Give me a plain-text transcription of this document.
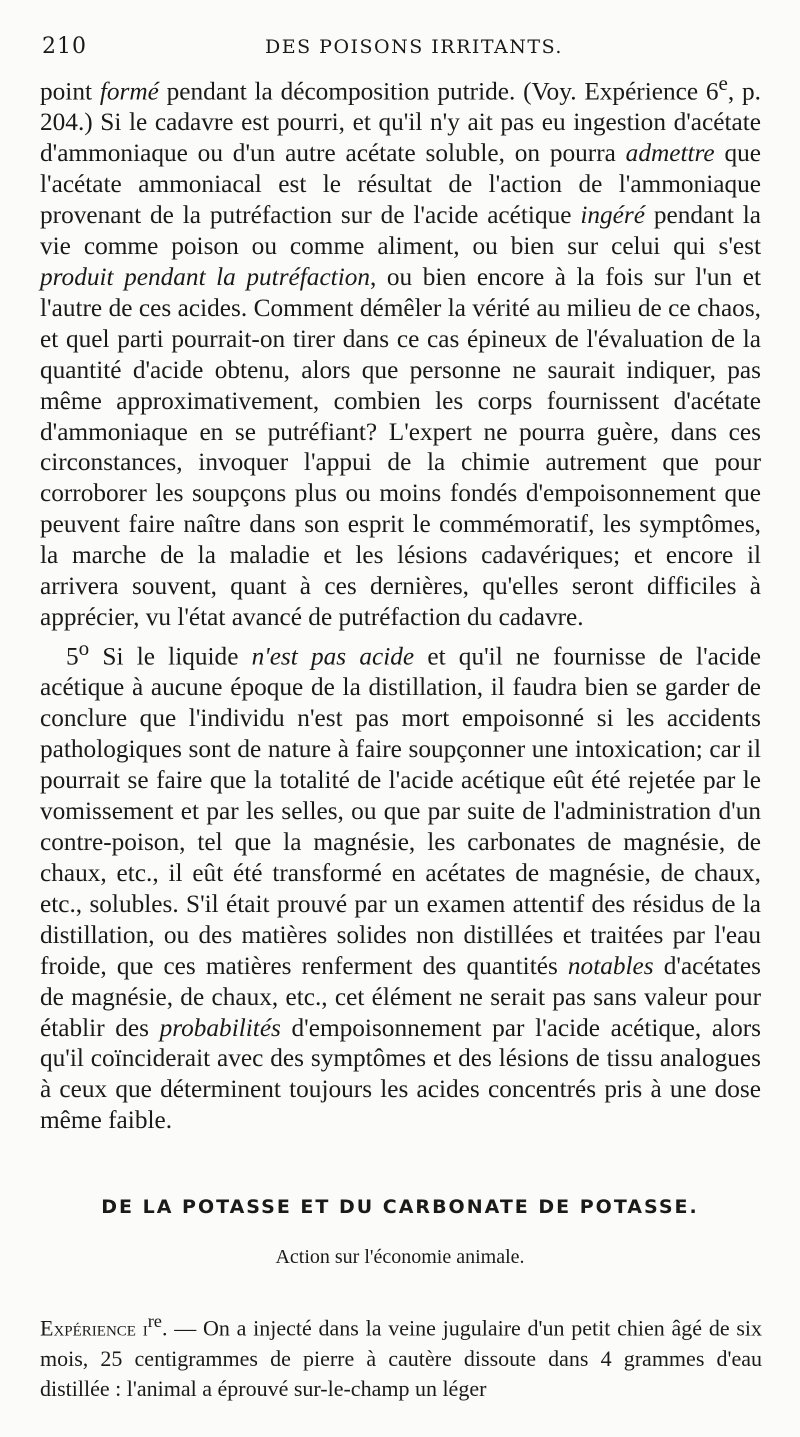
210	DES POISONS IRRITANTS.

point formé pendant la décomposition putride. (Voy. Expérience 6e, p. 204.) Si le cadavre est pourri, et qu'il n'y ait pas eu ingestion d'acétate d'ammoniaque ou d'un autre acétate soluble, on pourra admettre que l'acétate ammoniacal est le résultat de l'action de l'ammoniaque provenant de la putréfaction sur de l'acide acétique ingéré pendant la vie comme poison ou comme aliment, ou bien sur celui qui s'est produit pendant la putréfaction, ou bien encore à la fois sur l'un et l'autre de ces acides. Comment démêler la vérité au milieu de ce chaos, et quel parti pourrait-on tirer dans ce cas épineux de l'évaluation de la quantité d'acide obtenu, alors que personne ne saurait indiquer, pas même approximativement, combien les corps fournissent d'acétate d'ammoniaque en se putréfiant? L'expert ne pourra guère, dans ces circonstances, invoquer l'appui de la chimie autrement que pour corroborer les soupçons plus ou moins fondés d'empoisonnement que peuvent faire naître dans son esprit le commémoratif, les symptômes, la marche de la maladie et les lésions cadavériques; et encore il arrivera souvent, quant à ces dernières, qu'elles seront difficiles à apprécier, vu l'état avancé de putréfaction du cadavre.

5$^o$ Si le liquide n'est pas acide et qu'il ne fournisse de l'acide acétique à aucune époque de la distillation, il faudra bien se garder de conclure que l'individu n'est pas mort empoisonné si les accidents pathologiques sont de nature à faire soupçonner une intoxication; car il pourrait se faire que la totalité de l'acide acétique eût été rejetée par le vomissement et par les selles, ou que par suite de l'administration d'un contre-poison, tel que la magnésie, les carbonates de magnésie, de chaux, etc., il eût été transformé en acétates de magnésie, de chaux, etc., solubles. S'il était prouvé par un examen attentif des résidus de la distillation, ou des matières solides non distillées et traitées par l'eau froide, que ces matières renferment des quantités notables d'acétates de magnésie, de chaux, etc., cet élément ne serait pas sans valeur pour établir des probabilités d'empoisonnement par l'acide acétique, alors qu'il coïnciderait avec des symptômes et des lésions de tissu analogues à ceux que déterminent toujours les acides concentrés pris à une dose même faible.

DE LA POTASSE ET DU CARBONATE DE POTASSE.
Action sur l'économie animale.

Expérience $i^{re}$. — On a injecté dans la veine jugulaire d'un petit chien âgé de six mois, 25 centigrammes de pierre à cautère dissoute dans 4 grammes d'eau distillée : l'animal a éprouvé sur-le-champ un léger
